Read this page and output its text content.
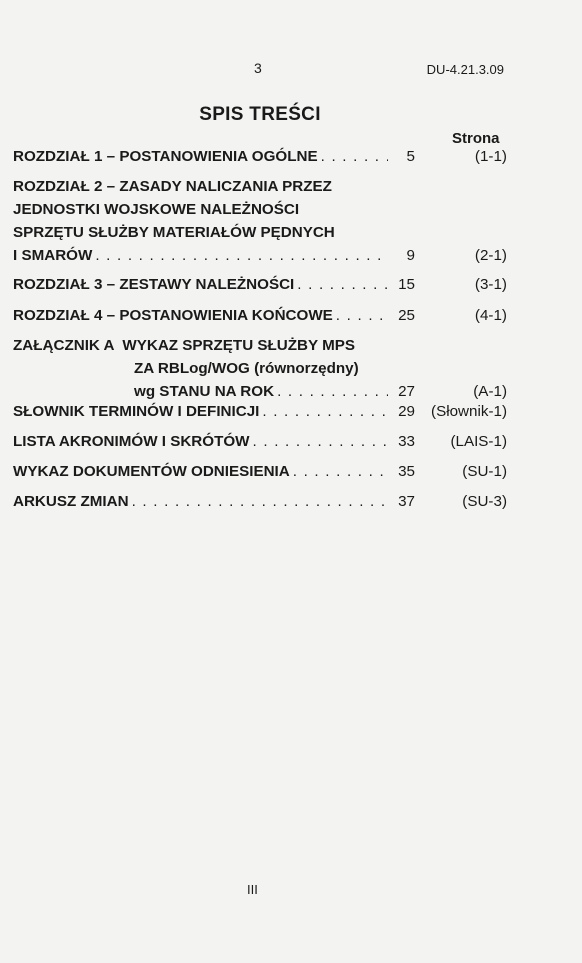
3	DU-4.21.3.09
SPIS TREŚCI
Strona
ROZDZIAŁ 1 – POSTANOWIENIA OGÓLNE . . .	5	(1-1)
ROZDZIAŁ 2 – ZASADY NALICZANIA PRZEZ
JEDNOSTKI WOJSKOWE NALEŻNOŚCI
SPRZĘTU SŁUŻBY MATERIAŁÓW PĘDNYCH
I SMARÓW . . .	9	(2-1)
ROZDZIAŁ 3 – ZESTAWY NALEŻNOŚCI . . .	15	(3-1)
ROZDZIAŁ 4 – POSTANOWIENIA KOŃCOWE . . .	25	(4-1)
ZAŁĄCZNIK A  WYKAZ SPRZĘTU SŁUŻBY MPS
ZA RBLog/WOG (równorzędny)
wg STANU NA ROK . . .	27	(A-1)
SŁOWNIK TERMINÓW I DEFINICJI . . .	29	(Słownik-1)
LISTA AKRONIMÓW I SKRÓTÓW . . .	33	(LAIS-1)
WYKAZ DOKUMENTÓW ODNIESIENIA . . .	35	(SU-1)
ARKUSZ ZMIAN . . .	37	(SU-3)
III
